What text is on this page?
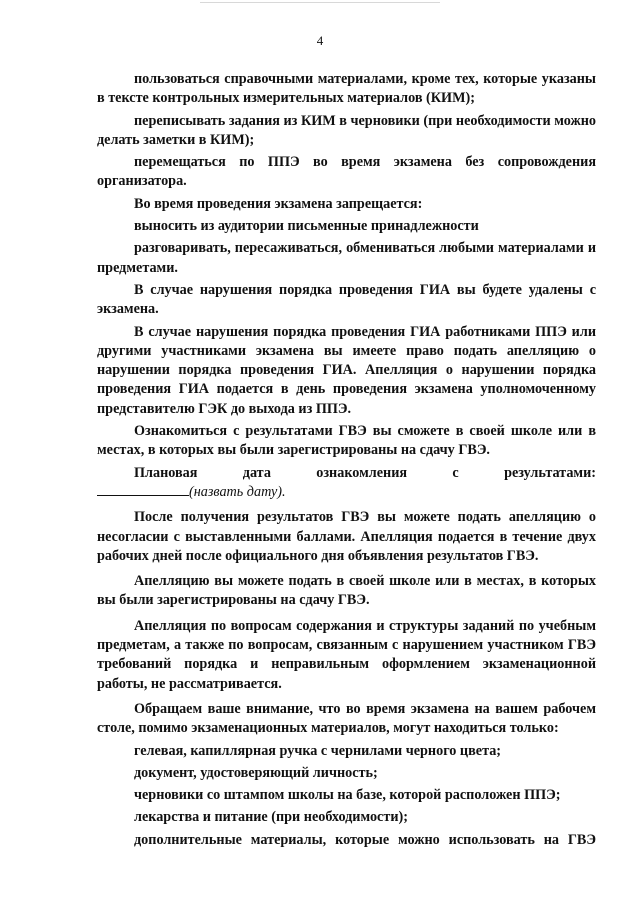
4

пользоваться справочными материалами, кроме тех, которые указаны в тексте контрольных измерительных материалов (КИМ);

переписывать задания из КИМ в черновики (при необходимости можно делать заметки в КИМ);

перемещаться по ППЭ во время экзамена без сопровождения организатора.

Во время проведения экзамена запрещается:

выносить из аудитории письменные принадлежности

разговаривать, пересаживаться, обмениваться любыми материалами и предметами.

В случае нарушения порядка проведения ГИА вы будете удалены с экзамена.

В случае нарушения порядка проведения ГИА работниками ППЭ или другими участниками экзамена вы имеете право подать апелляцию о нарушении порядка проведения ГИА. Апелляция о нарушении порядка проведения ГИА подается в день проведения экзамена уполномоченному представителю ГЭК до выхода из ППЭ.

Ознакомиться с результатами ГВЭ вы сможете в своей школе или в местах, в которых вы были зарегистрированы на сдачу ГВЭ.

Плановая дата ознакомления с результатами:

(назвать дату).

После получения результатов ГВЭ вы можете подать апелляцию о несогласии с выставленными баллами. Апелляция подается в течение двух рабочих дней после официального дня объявления результатов ГВЭ.

Апелляцию вы можете подать в своей школе или в местах, в которых вы были зарегистрированы на сдачу ГВЭ.

Апелляция по вопросам содержания и структуры заданий по учебным предметам, а также по вопросам, связанным с нарушением участником ГВЭ требований порядка и неправильным оформлением экзаменационной работы, не рассматривается.

Обращаем ваше внимание, что во время экзамена на вашем рабочем столе, помимо экзаменационных материалов, могут находиться только:

гелевая, капиллярная ручка с чернилами черного цвета;

документ, удостоверяющий личность;

черновики со штампом школы на базе, которой расположен ППЭ;

лекарства и питание (при необходимости);

дополнительные материалы, которые можно использовать на ГВЭ
